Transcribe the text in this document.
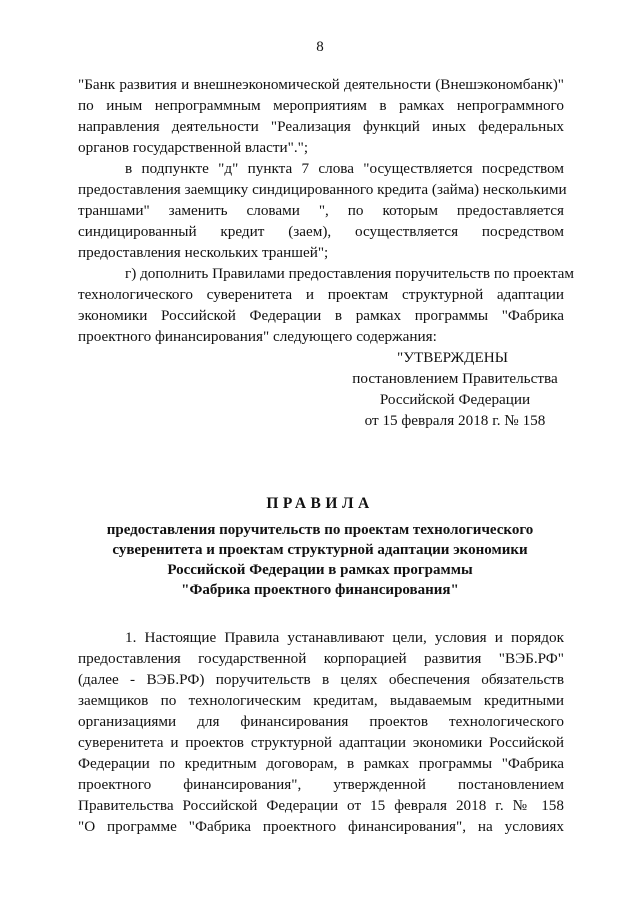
8
"Банк развития и внешнеэкономической деятельности (Внешэкономбанк)"
по иным непрограммным мероприятиям в рамках непрограммного
направления деятельности "Реализация функций иных федеральных
органов государственной власти".";
в подпункте "д" пункта 7 слова "осуществляется посредством
предоставления заемщику синдицированного кредита (займа) несколькими
траншами" заменить словами ", по которым предоставляется
синдицированный кредит (заем), осуществляется посредством
предоставления нескольких траншей";
г) дополнить Правилами предоставления поручительств по проектам
технологического суверенитета и проектам структурной адаптации
экономики Российской Федерации в рамках программы "Фабрика
проектного финансирования" следующего содержания:
"УТВЕРЖДЕНЫ
постановлением Правительства
Российской Федерации
от 15 февраля 2018 г. № 158
ПРАВИЛА
предоставления поручительств по проектам технологического
суверенитета и проектам структурной адаптации экономики
Российской Федерации в рамках программы
"Фабрика проектного финансирования"
1. Настоящие Правила устанавливают цели, условия и порядок
предоставления государственной корпорацией развития "ВЭБ.РФ"
(далее - ВЭБ.РФ) поручительств в целях обеспечения обязательств
заемщиков по технологическим кредитам, выдаваемым кредитными
организациями для финансирования проектов технологического
суверенитета и проектов структурной адаптации экономики Российской
Федерации по кредитным договорам, в рамках программы "Фабрика
проектного финансирования", утвержденной постановлением
Правительства Российской Федерации от 15 февраля 2018 г. № 158
"О программе "Фабрика проектного финансирования", на условиях
